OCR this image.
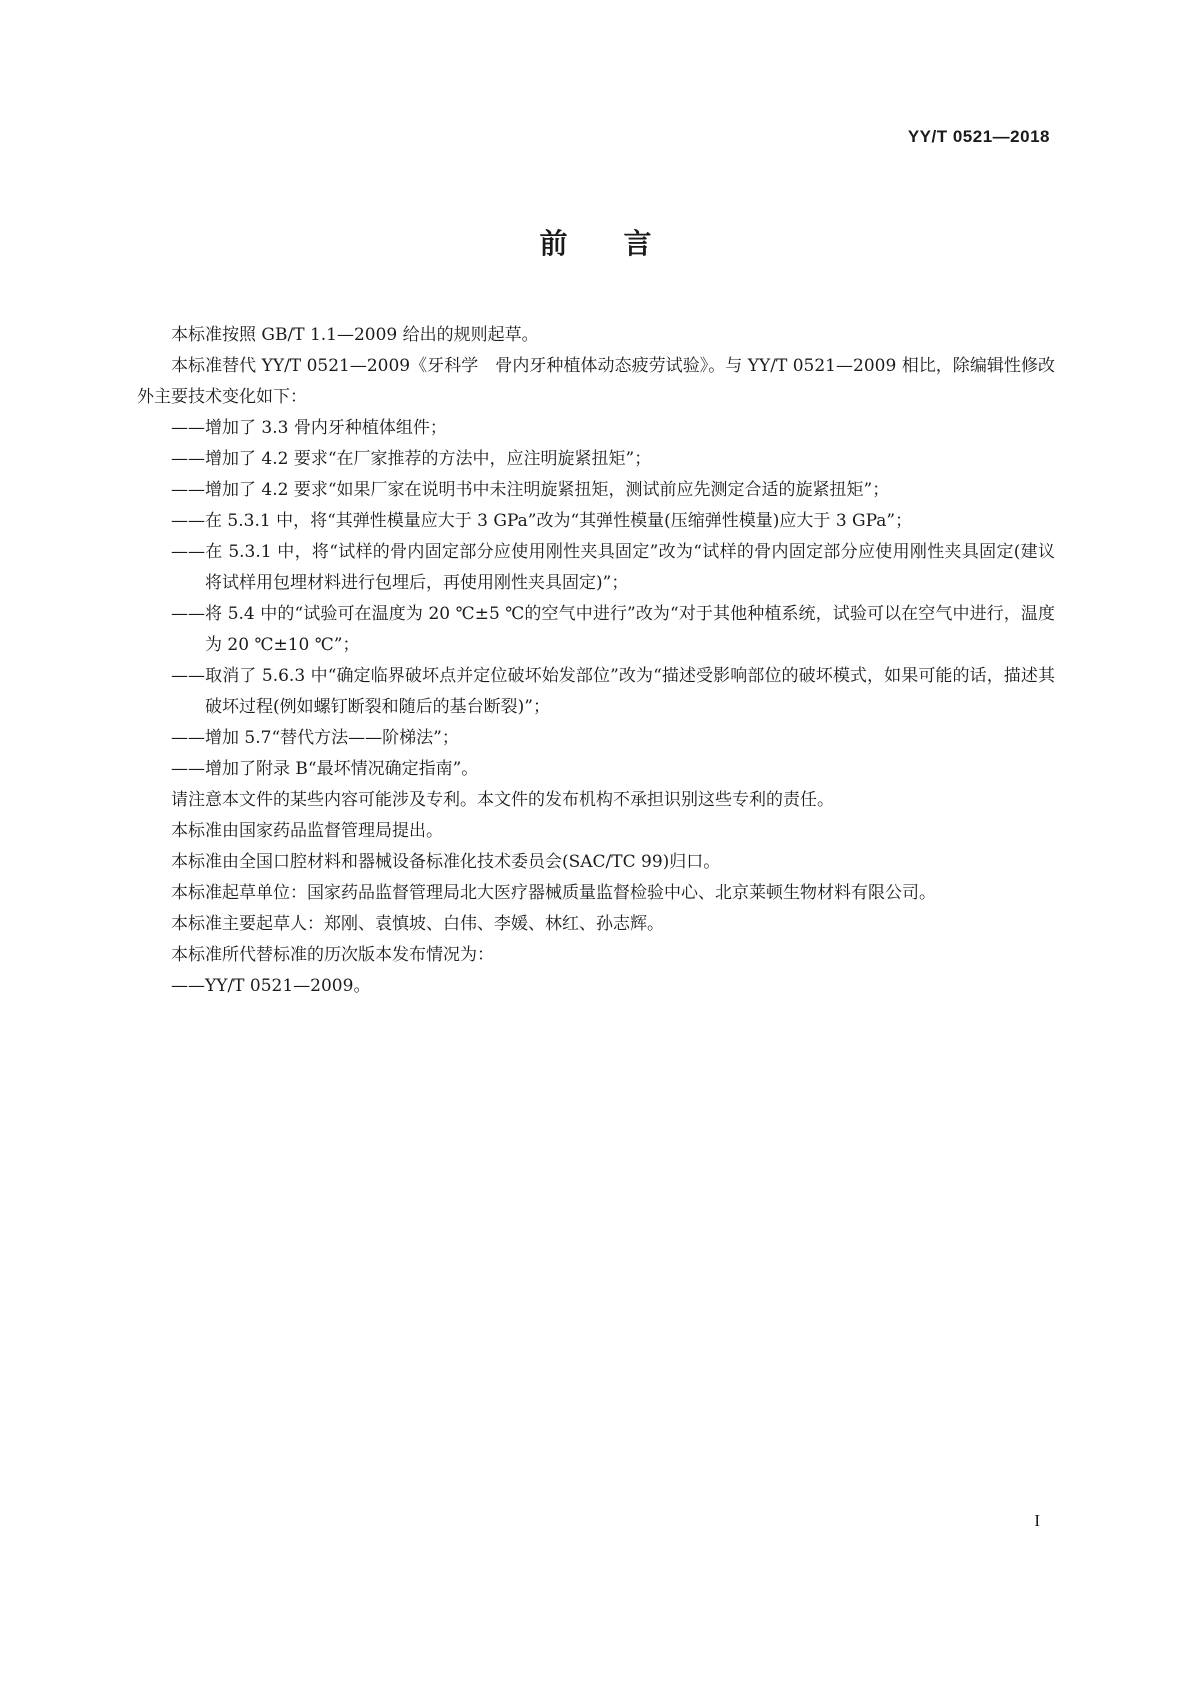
YY/T 0521—2018
前 言
本标准按照 GB/T 1.1—2009 给出的规则起草。
本标准替代 YY/T 0521—2009《牙科学　骨内牙种植体动态疲劳试验》。与 YY/T 0521—2009 相比，除编辑性修改外主要技术变化如下：
——增加了 3.3 骨内牙种植体组件；
——增加了 4.2 要求“在厂家推荐的方法中，应注明旋紧扭矩”；
——增加了 4.2 要求“如果厂家在说明书中未注明旋紧扭矩，测试前应先测定合适的旋紧扭矩”；
——在 5.3.1 中，将“其弹性模量应大于 3 GPa”改为“其弹性模量(压缩弹性模量)应大于 3 GPa”；
——在 5.3.1 中，将“试样的骨内固定部分应使用刚性夹具固定”改为“试样的骨内固定部分应使用刚性夹具固定(建议将试样用包埋材料进行包埋后，再使用刚性夹具固定)”；
——将 5.4 中的“试验可在温度为 20 ℃±5 ℃的空气中进行”改为“对于其他种植系统，试验可以在空气中进行，温度为 20 ℃±10 ℃”；
——取消了 5.6.3 中“确定临界破坏点并定位破坏始发部位”改为“描述受影响部位的破坏模式，如果可能的话，描述其破坏过程(例如螺钉断裂和随后的基台断裂)”；
——增加 5.7“替代方法——阶梯法”；
——增加了附录 B“最坏情况确定指南”。
请注意本文件的某些内容可能涉及专利。本文件的发布机构不承担识别这些专利的责任。
本标准由国家药品监督管理局提出。
本标准由全国口腔材料和器械设备标准化技术委员会(SAC/TC 99)归口。
本标准起草单位：国家药品监督管理局北大医疗器械质量监督检验中心、北京莱顿生物材料有限公司。
本标准主要起草人：郑刚、袁慎坡、白伟、李媛、林红、孙志辉。
本标准所代替标准的历次版本发布情况为：
——YY/T 0521—2009。
I
